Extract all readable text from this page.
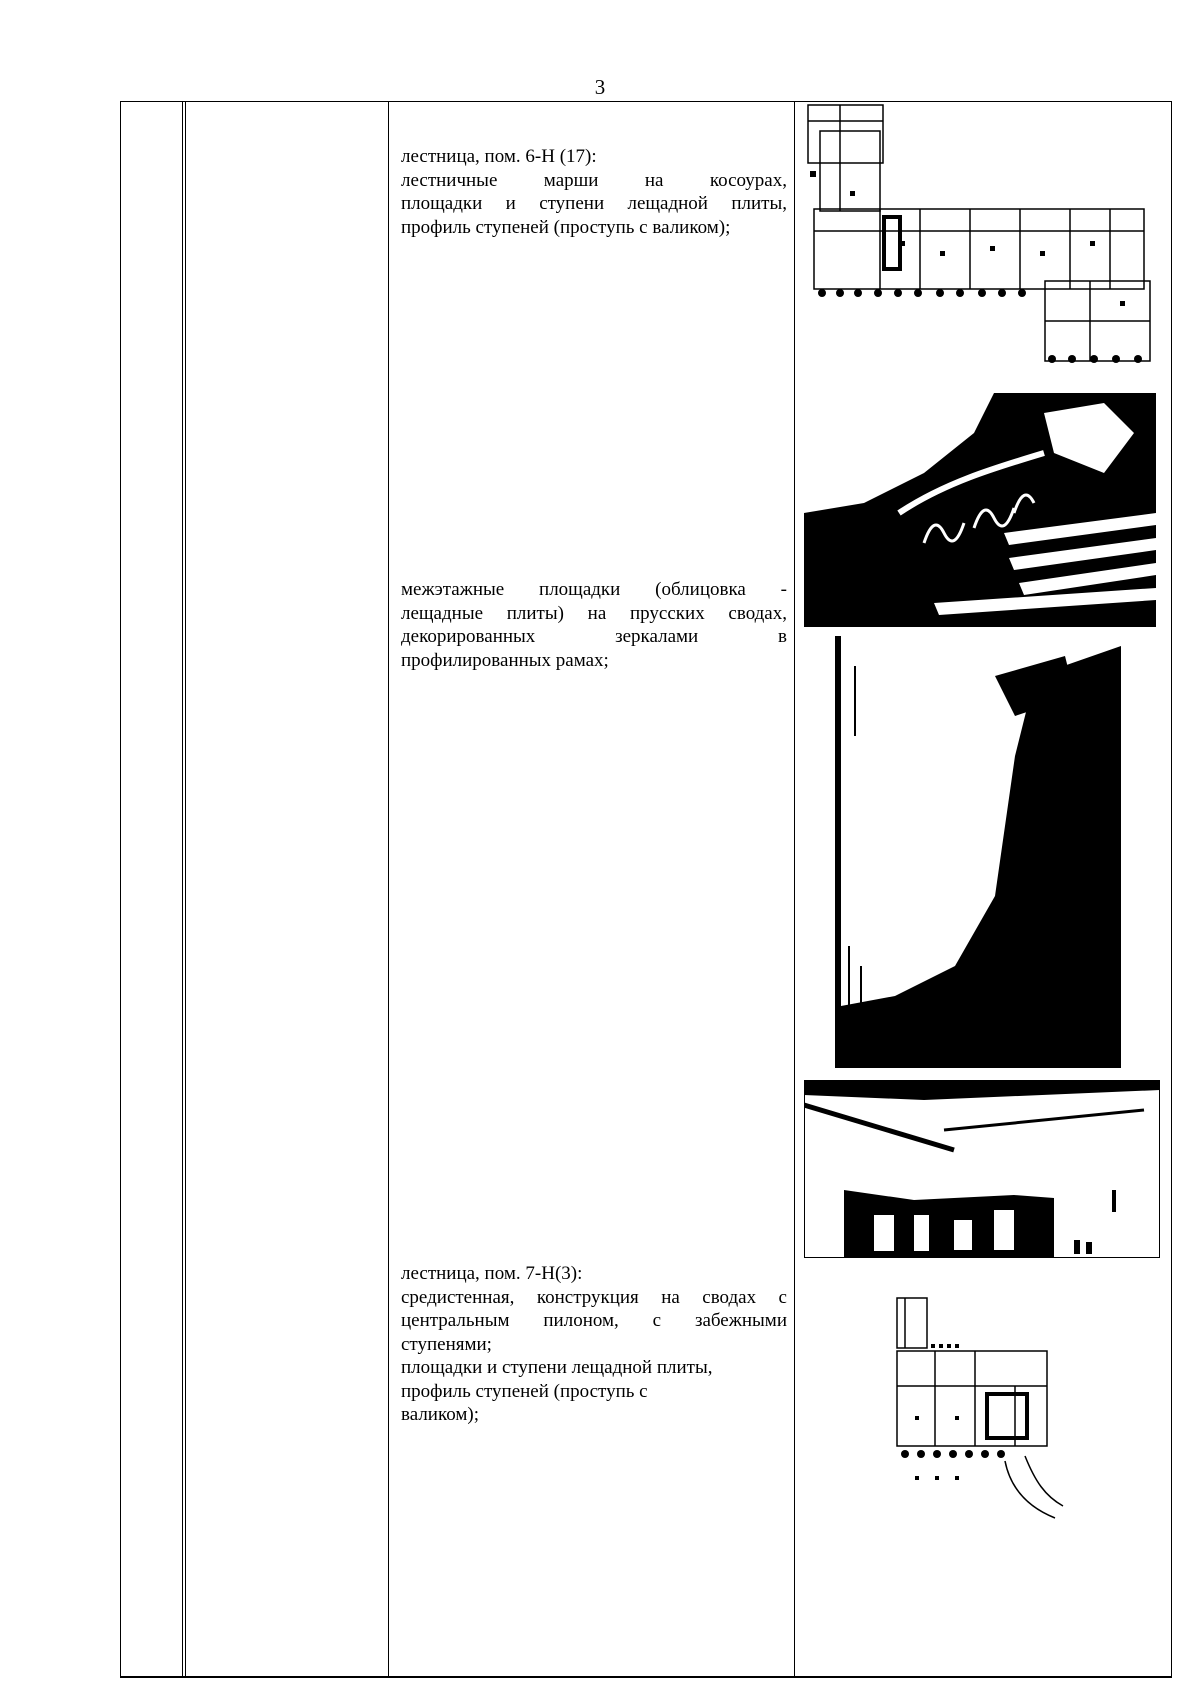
3
лестница, пом. 6-Н (17):
лестничные марши на косоурах,
площадки и ступени лещадной плиты,
профиль ступеней (проступь с валиком);
межэтажные площадки (облицовка -
лещадные плиты) на прусских сводах,
декорированных зеркалами в
профилированных рамах;
лестница, пом. 7-Н(3):
средистенная, конструкция на сводах с
центральным пилоном, с забежными
ступенями;
площадки и ступени лещадной плиты,
профиль ступеней (проступь с
валиком);
